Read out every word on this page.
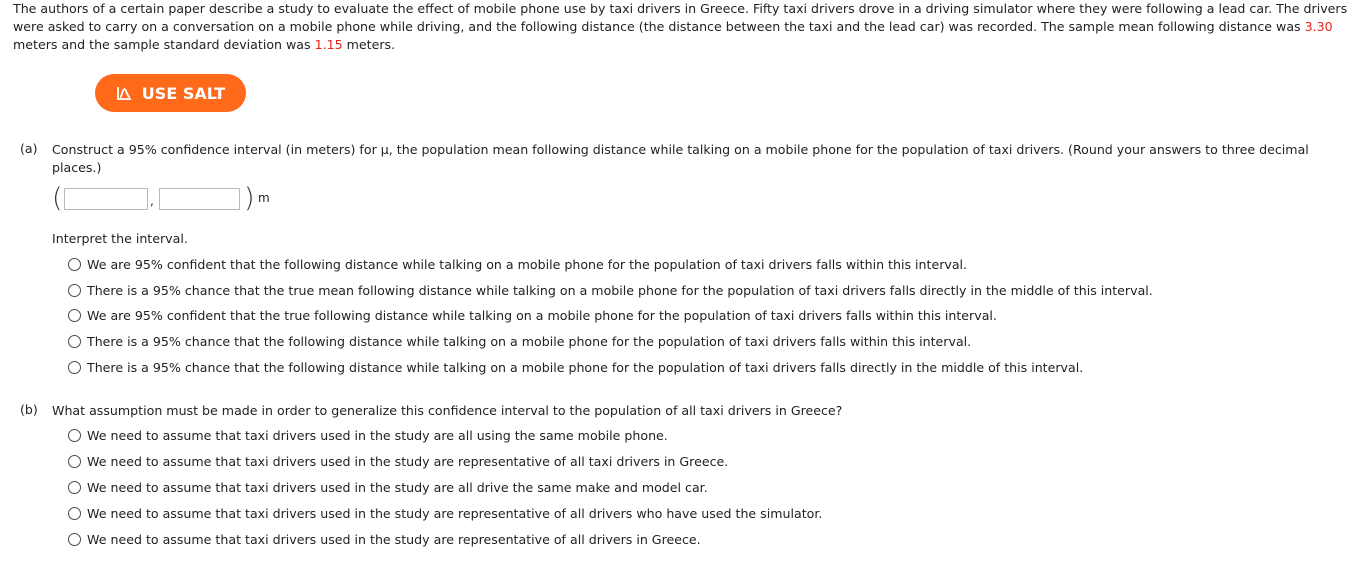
The authors of a certain paper describe a study to evaluate the effect of mobile phone use by taxi drivers in Greece. Fifty taxi drivers drove in a driving simulator where they were following a lead car. The drivers were asked to carry on a conversation on a mobile phone while driving, and the following distance (the distance between the taxi and the lead car) was recorded. The sample mean following distance was 3.30 meters and the sample standard deviation was 1.15 meters.
USE SALT
(a) Construct a 95% confidence interval (in meters) for μ, the population mean following distance while talking on a mobile phone for the population of taxi drivers. (Round your answers to three decimal places.)
(	,	) m
Interpret the interval.
We are 95% confident that the following distance while talking on a mobile phone for the population of taxi drivers falls within this interval.
There is a 95% chance that the true mean following distance while talking on a mobile phone for the population of taxi drivers falls directly in the middle of this interval.
We are 95% confident that the true following distance while talking on a mobile phone for the population of taxi drivers falls within this interval.
There is a 95% chance that the following distance while talking on a mobile phone for the population of taxi drivers falls within this interval.
There is a 95% chance that the following distance while talking on a mobile phone for the population of taxi drivers falls directly in the middle of this interval.
(b) What assumption must be made in order to generalize this confidence interval to the population of all taxi drivers in Greece?
We need to assume that taxi drivers used in the study are all using the same mobile phone.
We need to assume that taxi drivers used in the study are representative of all taxi drivers in Greece.
We need to assume that taxi drivers used in the study are all drive the same make and model car.
We need to assume that taxi drivers used in the study are representative of all drivers who have used the simulator.
We need to assume that taxi drivers used in the study are representative of all drivers in Greece.
